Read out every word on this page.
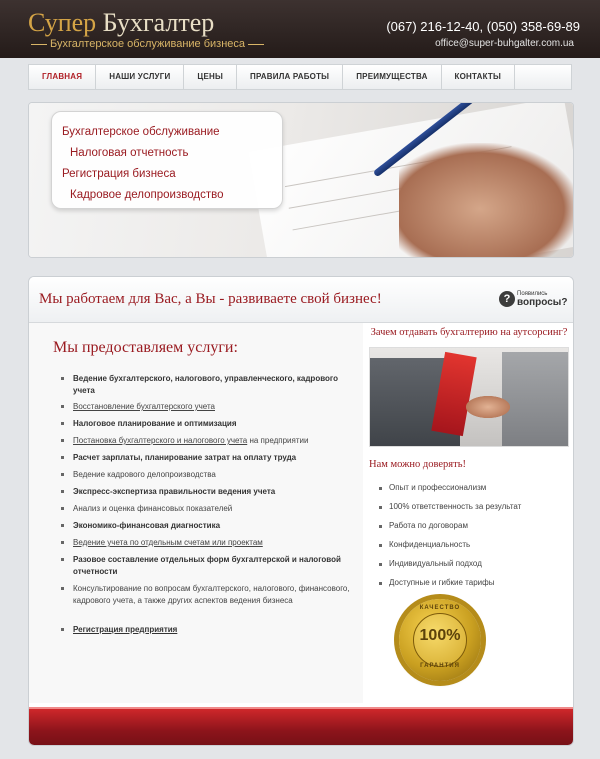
Супер Бухгалтер
Бухгалтерское обслуживание бизнеса
(067) 216-12-40, (050) 358-69-89
office@super-buhgalter.com.ua
ГЛАВНАЯ	НАШИ УСЛУГИ	ЦЕНЫ	ПРАВИЛА РАБОТЫ	ПРЕИМУЩЕСТВА	КОНТАКТЫ
Бухгалтерское обслуживание
Налоговая отчетность
Регистрация бизнеса
Кадровое делопроизводство
Мы работаем для Вас, а Вы - развиваете свой бизнес!	?	Появились
вопросы?
Мы предоставляем услуги:
Ведение бухгалтерского, налогового, управленческого, кадрового учета
Восстановление бухгалтерского учета
Налоговое планирование и оптимизация
Постановка бухгалтерского и налогового учета на предприятии
Расчет зарплаты, планирование затрат на оплату труда
Ведение кадрового делопроизводства
Экспресс-экспертиза правильности ведения учета
Анализ и оценка финансовых показателей
Экономико-финансовая диагностика
Ведение учета по отдельным счетам или проектам
Разовое составление отдельных форм бухгалтерской и налоговой отчетности
Консультирование по вопросам бухгалтерского, налогового, финансового, кадрового учета, а также других аспектов ведения бизнеса
Регистрация предприятия
Зачем отдавать бухгалтерию на аутсорсинг?
Нам можно доверять!
Опыт и профессионализм
100% ответственность за результат
Работа по договорам
Конфиденциальность
Индивидуальный подход
Доступные и гибкие тарифы
КАЧЕСТВО
100%
ГАРАНТИЯ
